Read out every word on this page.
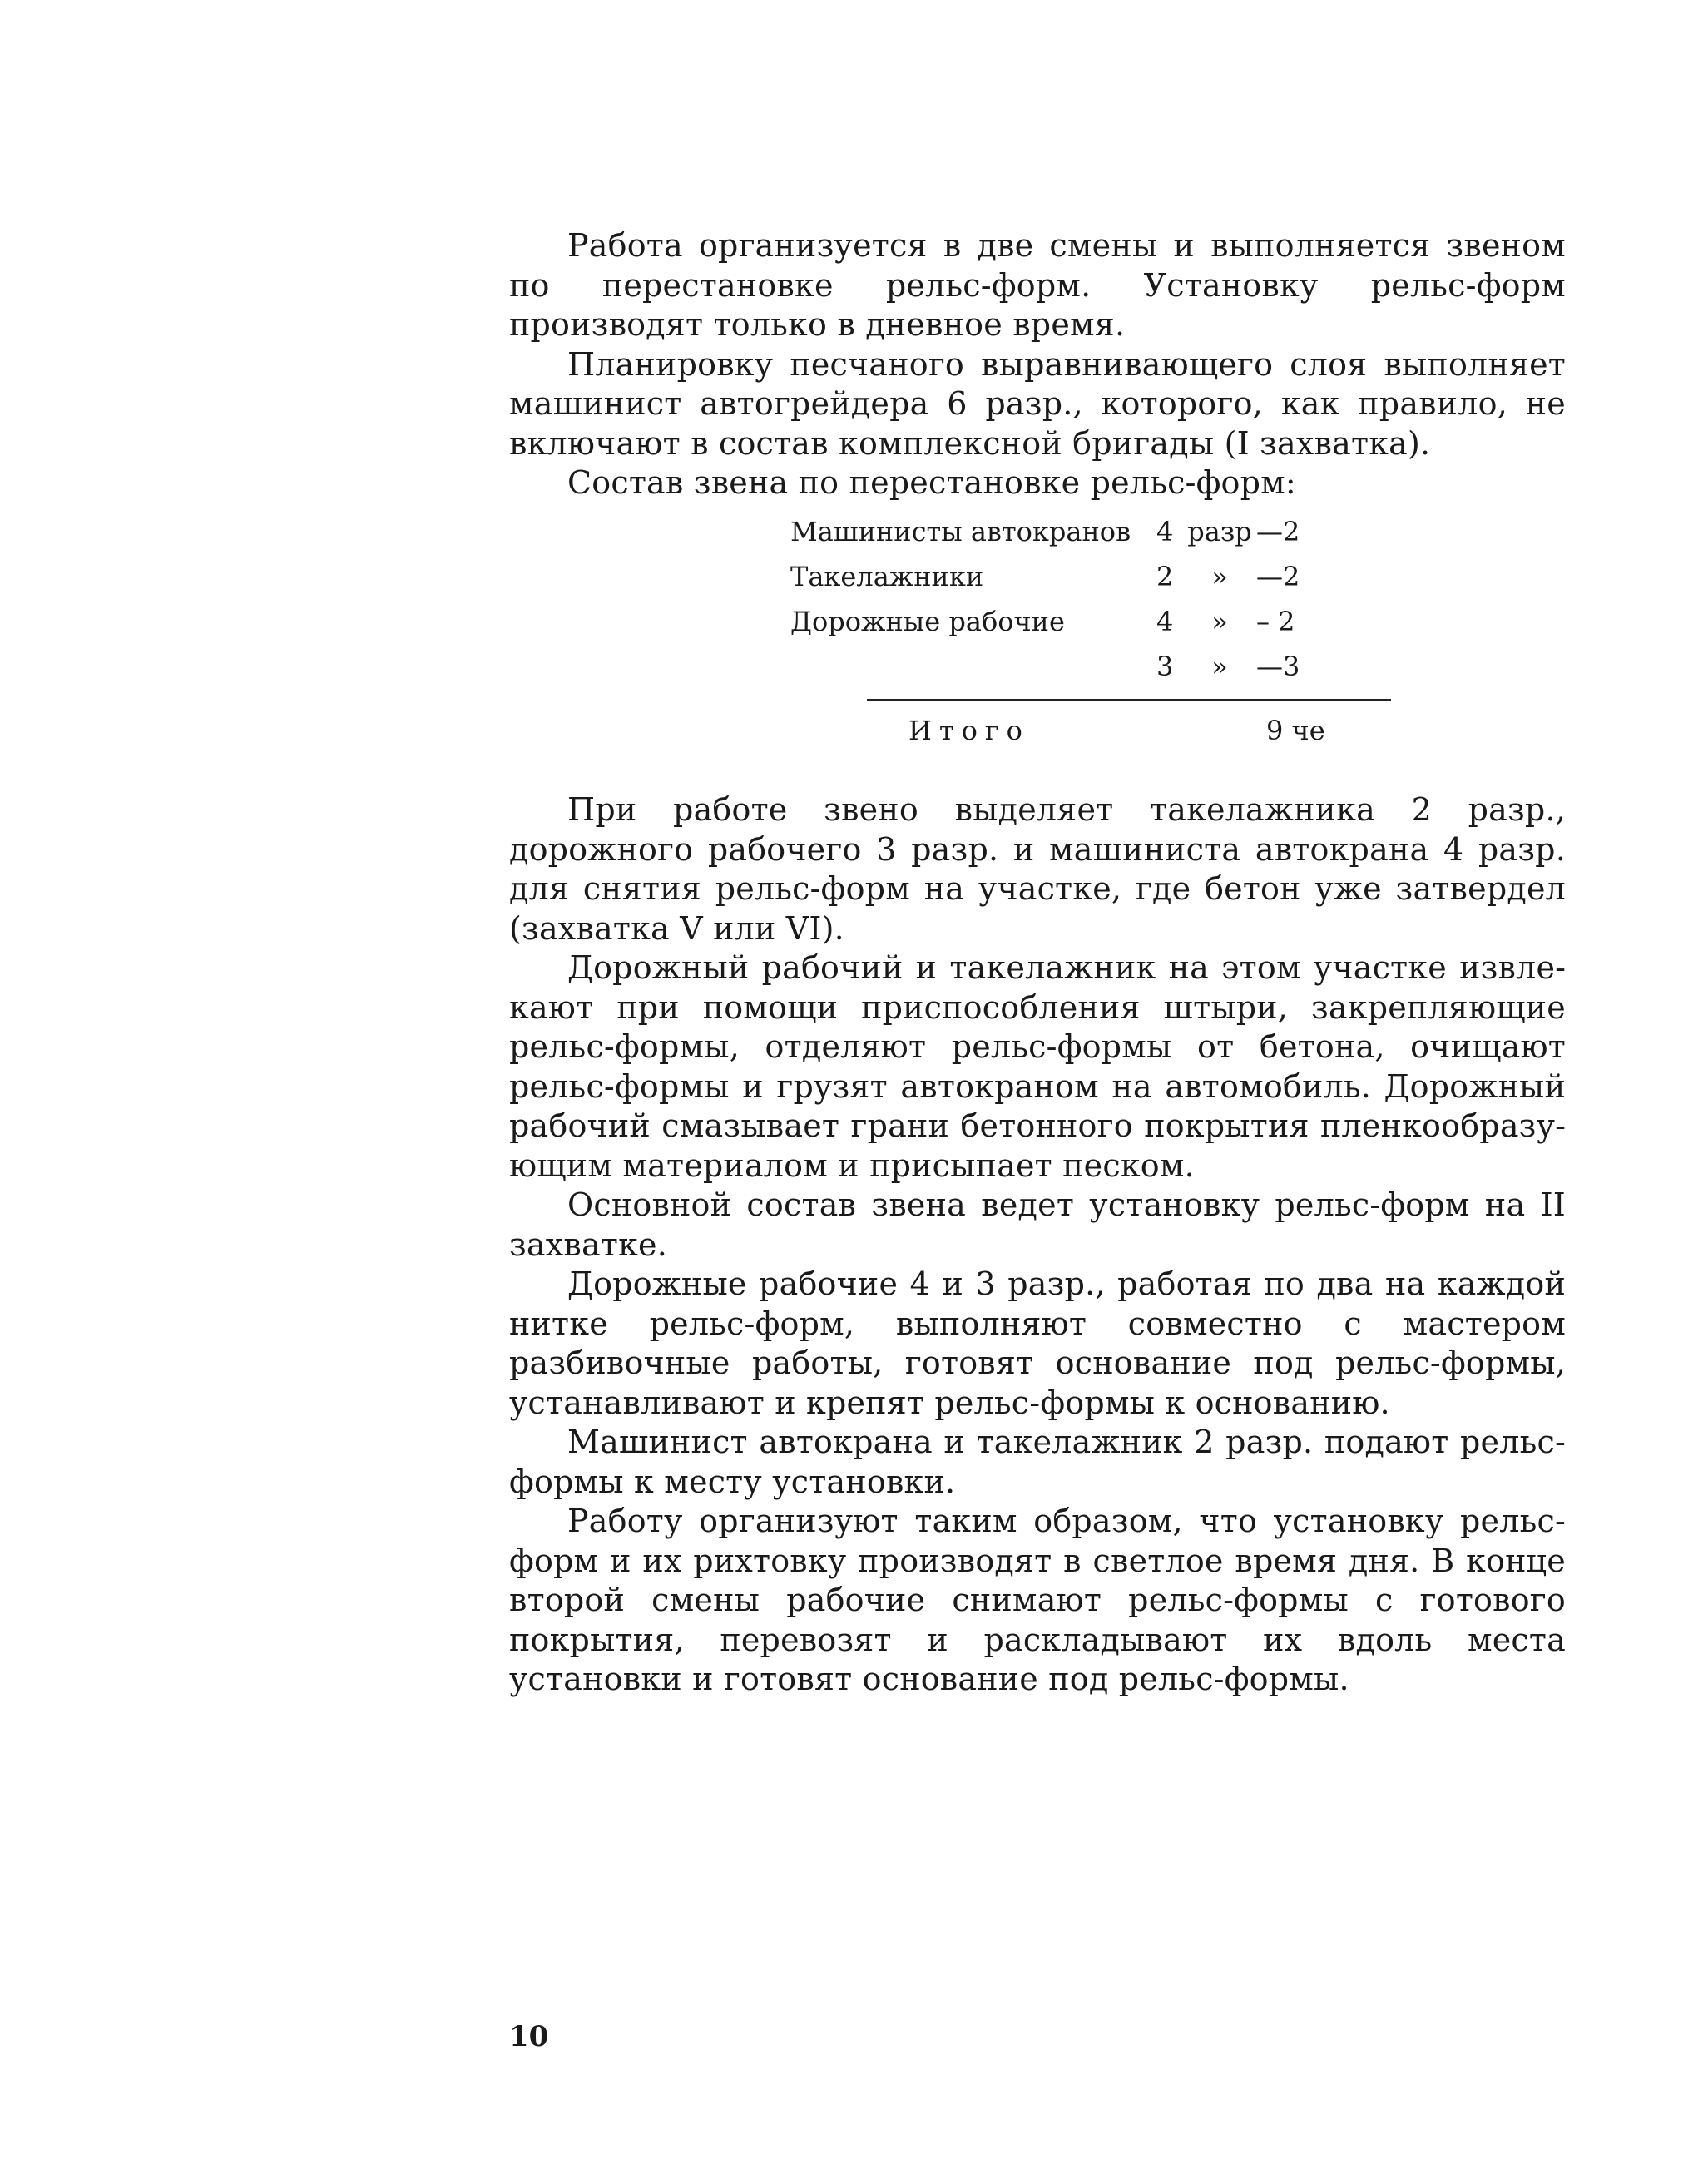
Работа организуется в две смены и выполняется звеном по перестановке рельс-форм. Установку рельс-форм производят только в дневное время.

Планировку песчаного выравнивающего слоя выполняет машинист автогрейдера 6 разр., которого, как правило, не включают в состав комплексной бригады (I захватка).

Состав звена по перестановке рельс-форм:

Машинисты автокранов	4	разр	—2
Такелажники	2	»	—2
Дорожные рабочие	4	»	– 2
	3	»	—3
Итого	9 че

При работе звено выделяет такелажника 2 разр., дорожного рабочего 3 разр. и машиниста автокрана 4 разр. для снятия рельс-форм на участке, где бетон уже затвердел (захватка V или VI).

Дорожный рабочий и такелажник на этом участке извлекают при помощи приспособления штыри, закрепляющие рельс-формы, отделяют рельс-формы от бетона, очищают рельс-формы и грузят автокраном на автомобиль. Дорожный рабочий смазывает грани бетонного покрытия пленкообразующим материалом и присыпает песком.

Основной состав звена ведет установку рельс-форм на II захватке.

Дорожные рабочие 4 и 3 разр., работая по два на каждой нитке рельс-форм, выполняют совместно с мастером разбивочные работы, готовят основание под рельс-формы, устанавливают и крепят рельс-формы к основанию.

Машинист автокрана и такелажник 2 разр. подают рельс-формы к месту установки.

Работу организуют таким образом, что установку рельс-форм и их рихтовку производят в светлое время дня. В конце второй смены рабочие снимают рельс-формы с готового покрытия, перевозят и раскладывают их вдоль места установки и готовят основание под рельс-формы.

10
